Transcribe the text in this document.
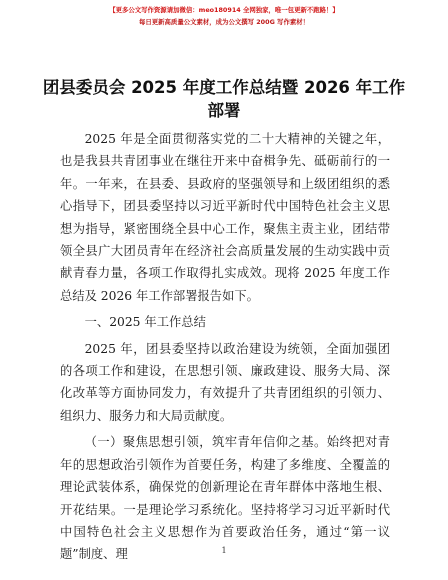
【更多公文写作资源请加微信：meo180914 全网独家，唯一包更新不跑路！】
每日更新高质量公文素材，成为公文撰写 200G 写作素材！
团县委员会 2025 年度工作总结暨 2026 年工作部署

2025 年是全面贯彻落实党的二十大精神的关键之年，也是我县共青团事业在继往开来中奋楫争先、砥砺前行的一年。一年来，在县委、县政府的坚强领导和上级团组织的悉心指导下，团县委坚持以习近平新时代中国特色社会主义思想为指导，紧密围绕全县中心工作，聚焦主责主业，团结带领全县广大团员青年在经济社会高质量发展的生动实践中贡献青春力量，各项工作取得扎实成效。现将 2025 年度工作总结及 2026 年工作部署报告如下。

一、2025 年工作总结

2025 年，团县委坚持以政治建设为统领，全面加强团的各项工作和建设，在思想引领、廉政建设、服务大局、深化改革等方面协同发力，有效提升了共青团组织的引领力、组织力、服务力和大局贡献度。

（一）聚焦思想引领，筑牢青年信仰之基。始终把对青年的思想政治引领作为首要任务，构建了多维度、全覆盖的理论武装体系，确保党的创新理论在青年群体中落地生根、开花结果。一是理论学习系统化。坚持将学习习近平新时代中国特色社会主义思想作为首要政治任务，通过“第一议题”制度、理	1
